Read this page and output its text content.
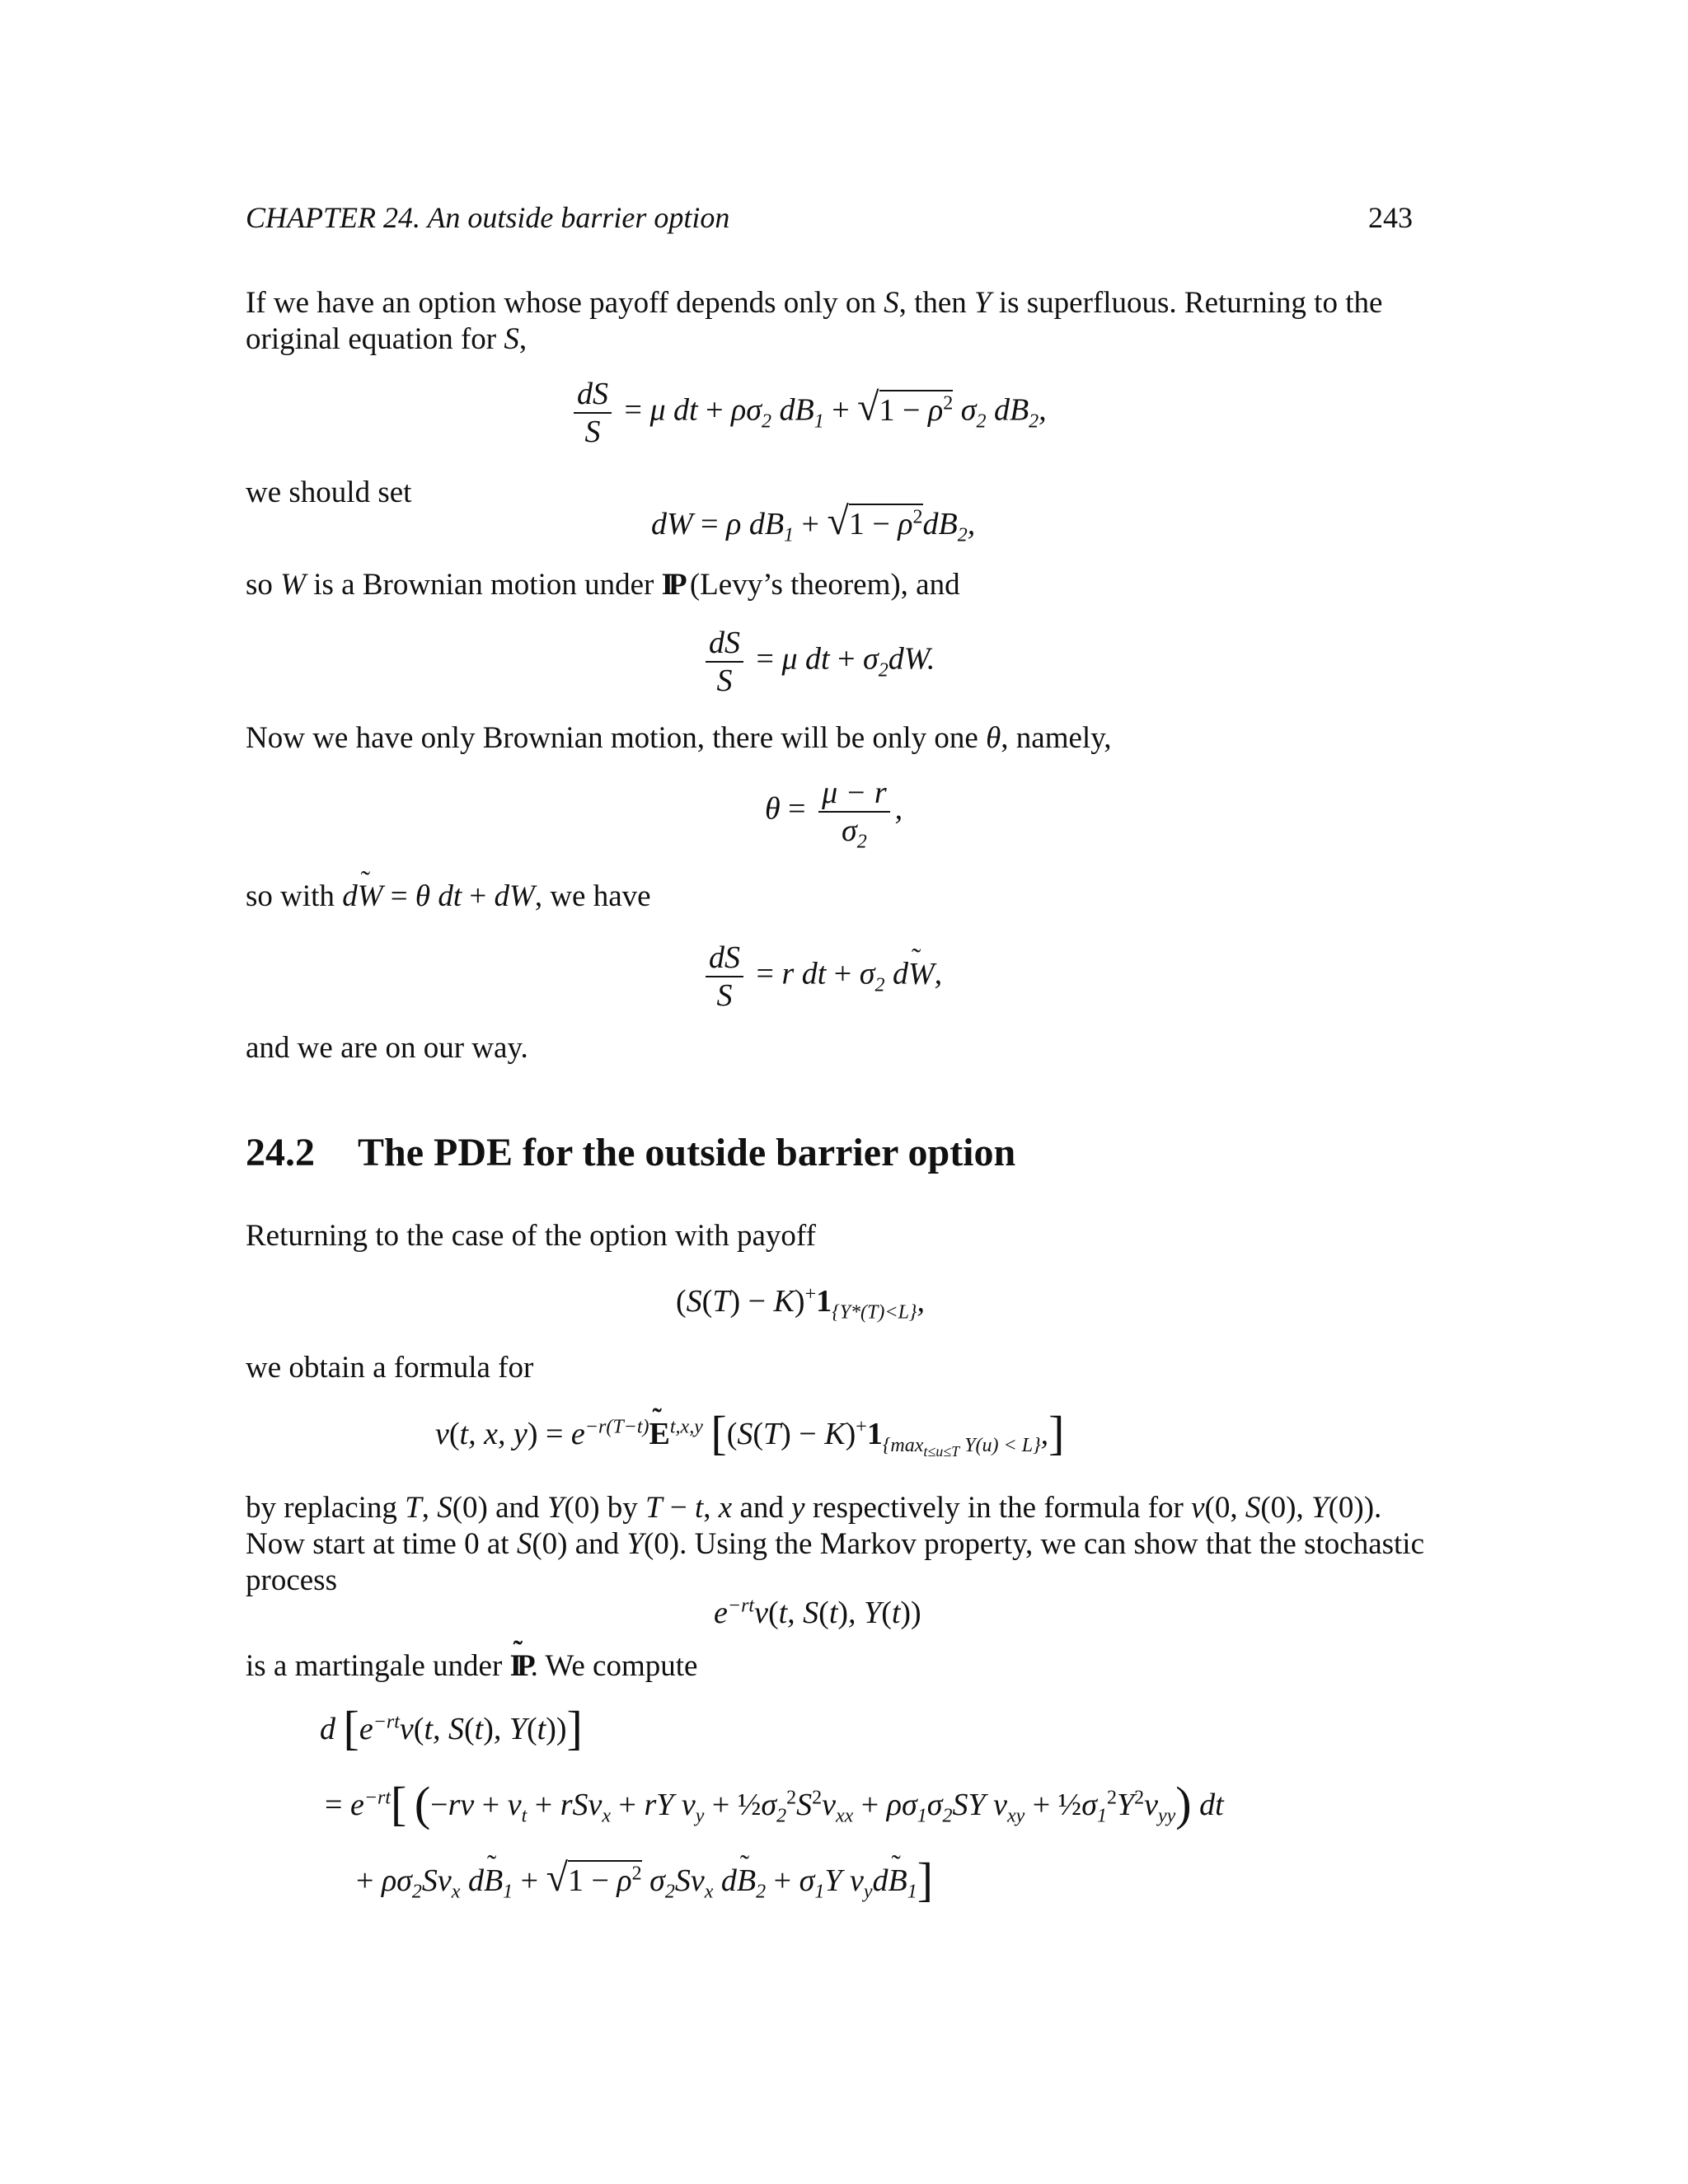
CHAPTER 24. An outside barrier option	243
If we have an option whose payoff depends only on S, then Y is superfluous. Returning to the
original equation for S,
$\frac{dS}{S} = \mu$ dt + $\rho\sigma_2$ $dB_1 + √1 - \rho^2$ $\sigma_2$ $dB_2$,
we should set
dW = ρ $dB_1 + √1 - \rho^2dB_2$,
so W is a Brownian motion under IP (Levy’s theorem), and
$\frac{dS}{S} = \mu$ dt + $\sigma_2dW$.
Now we have only Brownian motion, there will be only one θ, namely,
$\theta = \frac{\mu - r}{\sigma_2}$ ,
so with d˜ W = θ dt + dW, we have
$\frac{dS}{S} = r$ dt + $\sigma_2$ d˜ W,
and we are on our way.
24.2 The PDE for the outside barrier option
Returning to the case of the option with payoff
$(S(T) - K)^+1_{\{Y*(T)<L\}}$,
we obtain a formula for
v(t, x, $y) = e^{-r(T-t)}˜$ E$^{t,x,y}$ $[(S(T) - K)^+1_{\{max_{t\le u\le T} Y(u) < L\}},]$
by replacing T, S(0) and Y(0) by T − t, x and y respectively in the formula for v(0, S(0), Y(0)).
Now start at time 0 at S(0) and Y(0). Using the Markov property, we can show that the stochastic
process
$e^{-rt}v(t$, S(t), Y(t))
is a martingale under ˜ IP. We compute
d [$e^{-rt}v(t$, S(t), Y(t))]
= $e^{-rt}$[ ($-rv + v_t + rSv_x$ + rY $v_y$ + $\frac{1}{2}\sigma_2^2S^2v_{xx} + \rho\sigma_1\sigma_2SY$ $v_{xy}$ + $\frac{1}{2}\sigma_1^2Y^2v_{yy}$) dt
+ $\rho\sigma_2Sv_x$ d˜ $B_1 + √1 - \rho^2$ $\sigma_2Sv_x$ d˜ $B_2 + \sigma_1Y$ $v_yd˜$ $B_1$]
